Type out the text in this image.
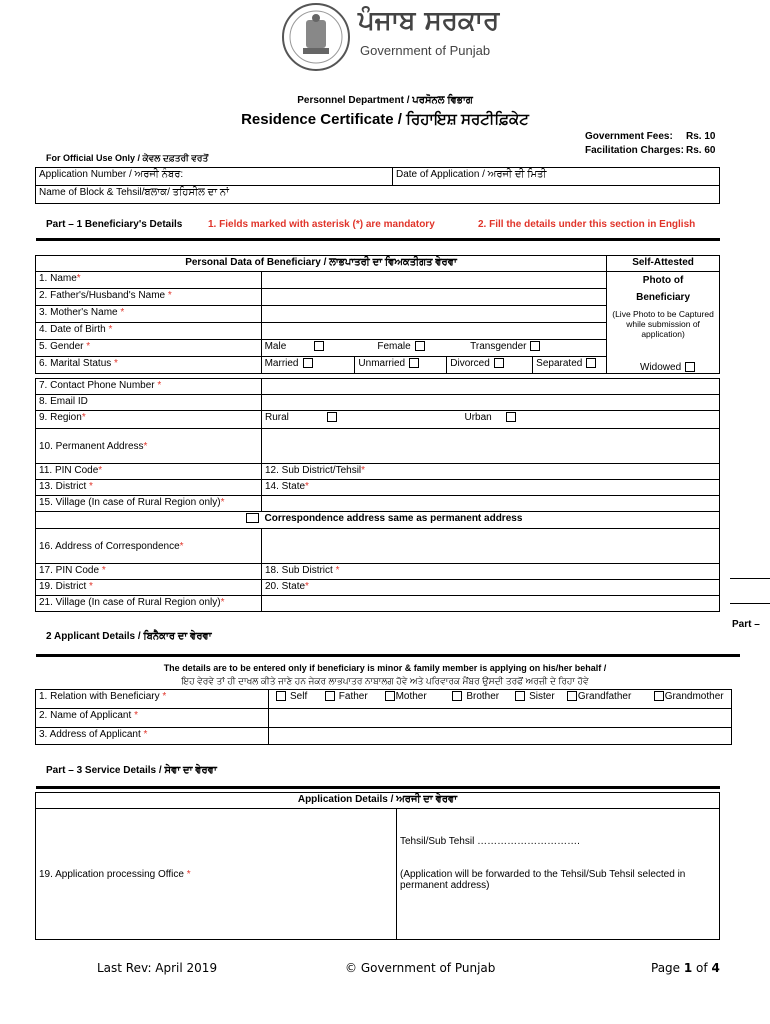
ਪੰਜਾਬ ਸਰਕਾਰ
Government of Punjab
Personnel Department / ਪਰਸੋਨਲ ਵਿਭਾਗ
Residence Certificate / ਰਿਹਾਇਸ਼ ਸਰਟੀਫ਼ਿਕੇਟ
Government Fees: Rs. 10
Facilitation Charges: Rs. 60
For Official Use Only / ਕੇਵਲ ਦਫ਼ਤਰੀ ਵਰਤੋਂ
Application Number / ਅਰਜੀ ਨੰਬਰ:	Date of Application / ਅਰਜੀ ਦੀ ਮਿਤੀ
Name of Block & Tehsil/ਬਲਾਕ/ ਤਹਿਸੀਲ ਦਾ ਨਾਂ
Part – 1 Beneficiary's Details	1. Fields marked with asterisk (*) are mandatory	2. Fill the details under this section in English
Personal Data of Beneficiary / ਲਾਭਪਾਤਰੀ ਦਾ ਵਿਅਕਤੀਗਤ ਵੇਰਵਾ					Self-Attested
1. Name*					Photo of
Beneficiary
(Live Photo to be Captured while submission of application)

2. Father's/Husband's Name *					
3. Mother's Name *					
4. Date of Birth *					
5. Gender *	Male Female Transgender				
6. Marital Status *	Married	Unmarried	Divorced	Separated		Widowed
7. Contact Phone Number *		
8. Email ID		
9. Region*	Rural	Urban
10. Permanent Address*		
11. PIN Code*	12. Sub District/Tehsil*	
13. District *	14. State*	
15. Village (In case of Rural Region only)*		
	Correspondence address same as permanent address	
16. Address of Correspondence*		
17. PIN Code *	18. Sub District *	
19. District *	20. State*	
21. Village (In case of Rural Region only)*		
Part –
2 Applicant Details / ਬਿਨੈਕਾਰ ਦਾ ਵੇਰਵਾ
The details are to be entered only if beneficiary is minor & family member is applying on his/her behalf /
ਇਹ ਵੇਰਵੇ ਤਾਂ ਹੀ ਦਾਖਲ ਕੀਤੇ ਜਾਣੇ ਹਨ ਜੇਕਰ ਲਾਭਪਾਤਰ ਨਾਬਾਲਗ ਹੋਵੇ ਅਤੇ ਪਰਿਵਾਰਕ ਮੈਂਬਰ ਉਸਦੀ ਤਰਫੋਂ ਅਰਜ਼ੀ ਦੇ ਰਿਹਾ ਹੋਵੇ
1. Relation with Beneficiary *	Self Father Mother Brother Sister Grandfather Grandmother
2. Name of Applicant *	
3. Address of Applicant *	
Part – 3 Service Details / ਸੇਵਾ ਦਾ ਵੇਰਵਾ
Application Details / ਅਰਜੀ ਦਾ ਵੇਰਵਾ
19. Application processing Office *	
Tehsil/Sub Tehsil ………………………….
(Application will be forwarded to the Tehsil/Sub Tehsil selected in permanent address)
Last Rev: April 2019	© Government of Punjab	Page 1 of 4
